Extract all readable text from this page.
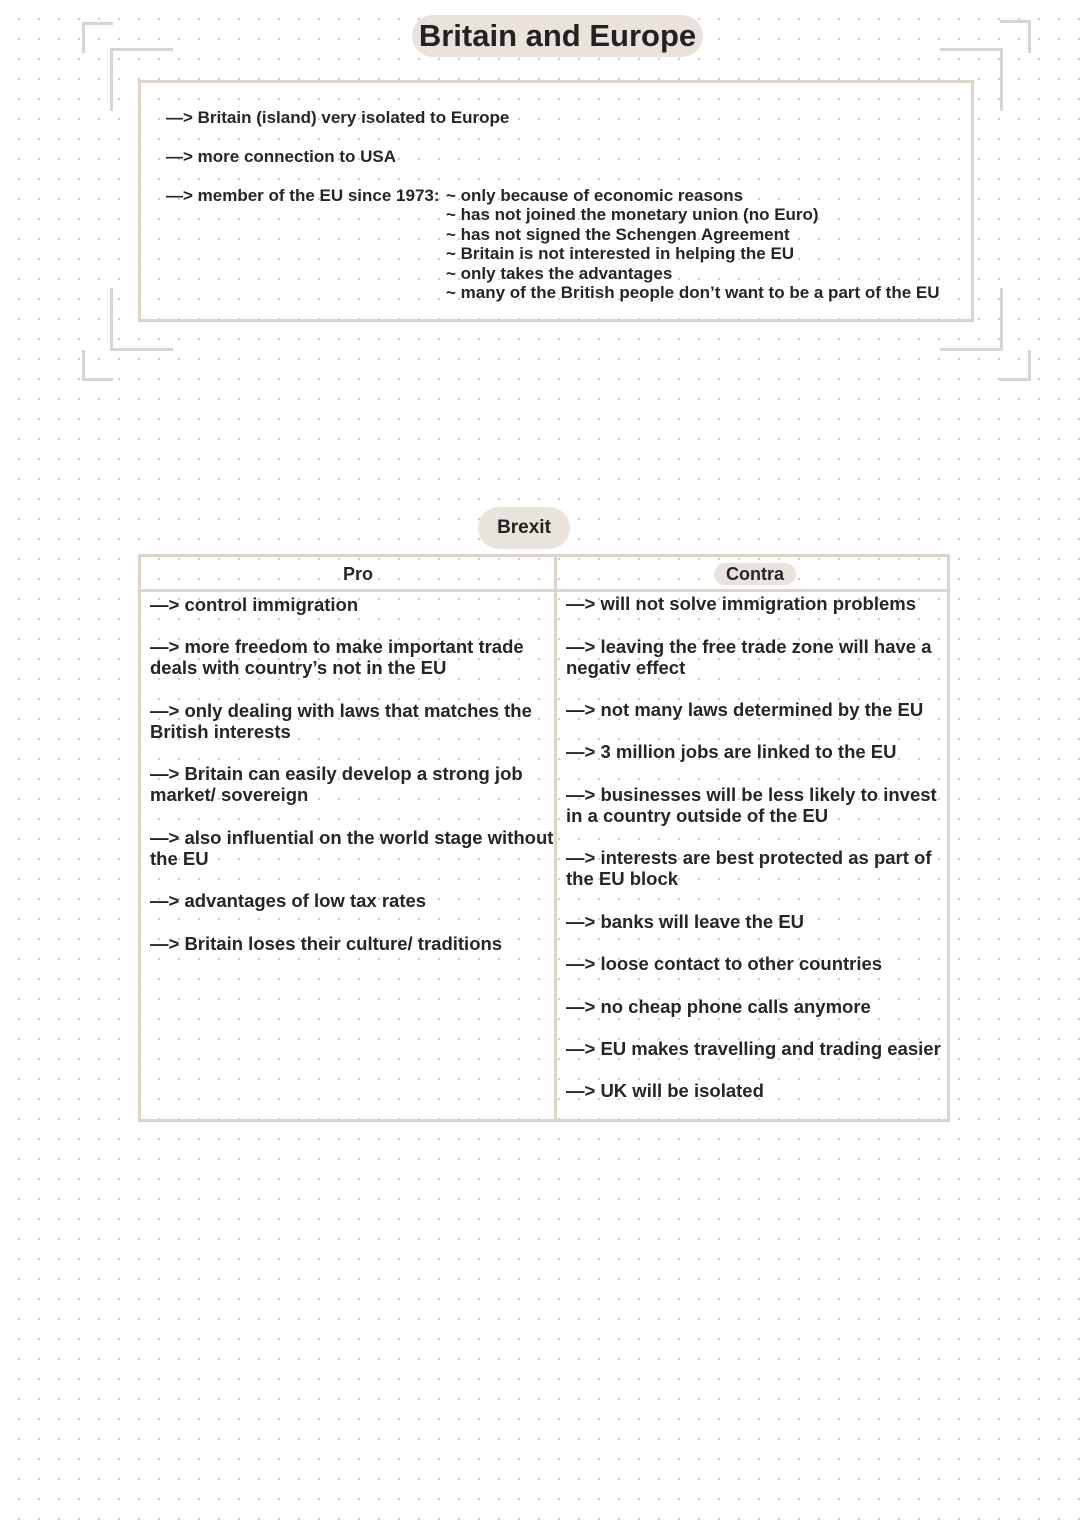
Britain and Europe
—> Britain (island) very isolated to Europe
—> more connection to USA
—> member of the EU since 1973: ~ only because of economic reasons
~ has not joined the monetary union (no Euro)
~ has not signed the Schengen Agreement
~ Britain is not interested in helping the EU
~ only takes the advantages
~ many of the British people don’t want to be a part of the EU
Brexit
Pro	Contra
—> control immigration
—> more freedom to make important trade
deals with country’s not in the EU
—> only dealing with laws that matches the
British interests
—> Britain can easily develop a strong job
market/ sovereign
—> also influential on the world stage without
the EU
—> advantages of low tax rates
—> Britain loses their culture/ traditions
—> will not solve immigration problems
—> leaving the free trade zone will have a
negativ effect
—> not many laws determined by the EU
—> 3 million jobs are linked to the EU
—> businesses will be less likely to invest
in a country outside of the EU
—> interests are best protected as part of
the EU block
—> banks will leave the EU
—> loose contact to other countries
—> no cheap phone calls anymore
—> EU makes travelling and trading easier
—> UK will be isolated
